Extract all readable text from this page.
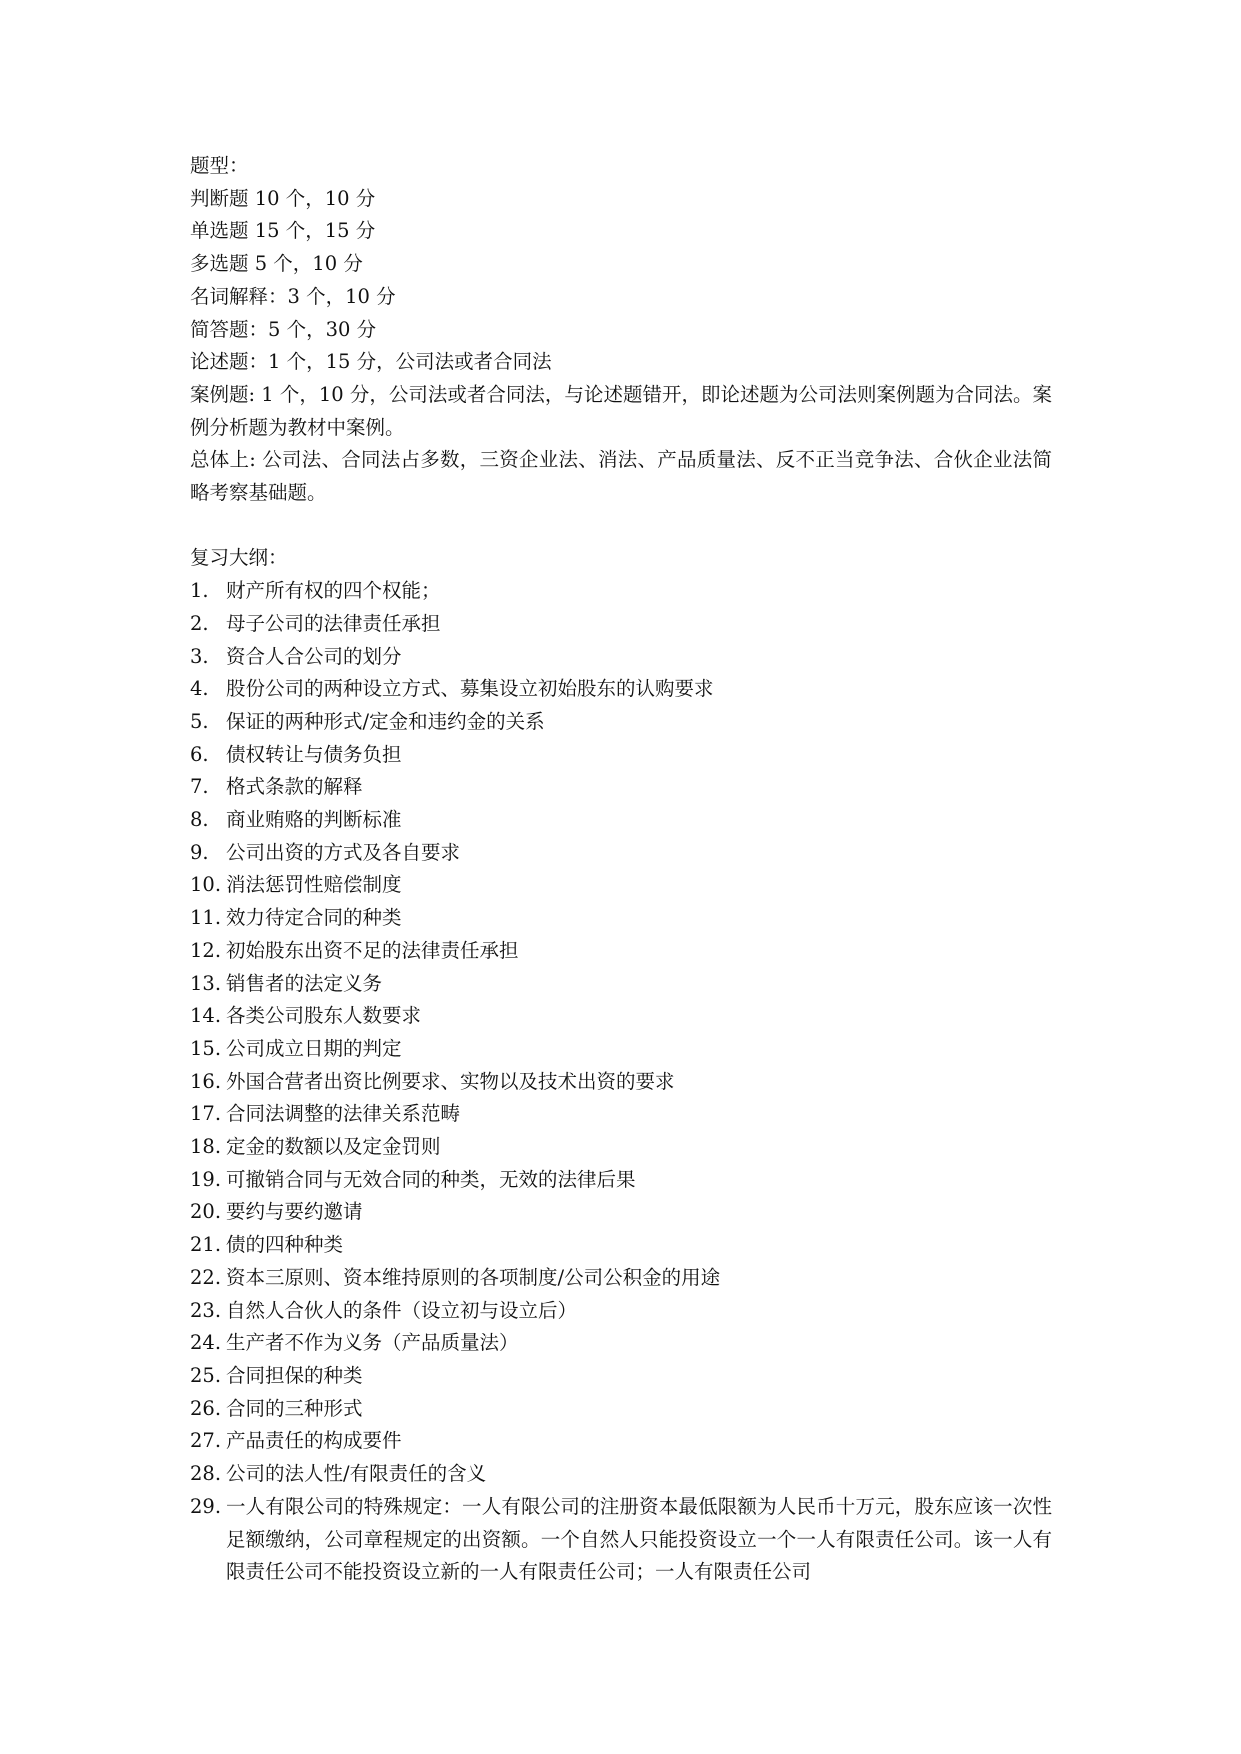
题型：
判断题 10 个，10 分
单选题 15 个，15 分
多选题 5 个，10 分
名词解释：3 个，10 分
简答题：5 个，30 分
论述题：1 个，15 分，公司法或者合同法
案例题: 1 个，10 分，公司法或者合同法，与论述题错开，即论述题为公司法则案例题为合同法。案例分析题为教材中案例。
总体上: 公司法、合同法占多数，三资企业法、消法、产品质量法、反不正当竞争法、合伙企业法简略考察基础题。
复习大纲：
1. 财产所有权的四个权能；
2. 母子公司的法律责任承担
3. 资合人合公司的划分
4. 股份公司的两种设立方式、募集设立初始股东的认购要求
5. 保证的两种形式/定金和违约金的关系
6. 债权转让与债务负担
7. 格式条款的解释
8. 商业贿赂的判断标准
9. 公司出资的方式及各自要求
10. 消法惩罚性赔偿制度
11. 效力待定合同的种类
12. 初始股东出资不足的法律责任承担
13. 销售者的法定义务
14. 各类公司股东人数要求
15. 公司成立日期的判定
16. 外国合营者出资比例要求、实物以及技术出资的要求
17. 合同法调整的法律关系范畴
18. 定金的数额以及定金罚则
19. 可撤销合同与无效合同的种类，无效的法律后果
20. 要约与要约邀请
21. 债的四种种类
22. 资本三原则、资本维持原则的各项制度/公司公积金的用途
23. 自然人合伙人的条件（设立初与设立后）
24. 生产者不作为义务（产品质量法）
25. 合同担保的种类
26. 合同的三种形式
27. 产品责任的构成要件
28. 公司的法人性/有限责任的含义
29. 一人有限公司的特殊规定：一人有限公司的注册资本最低限额为人民币十万元，股东应该一次性足额缴纳，公司章程规定的出资额。一个自然人只能投资设立一个一人有限责任公司。该一人有限责任公司不能投资设立新的一人有限责任公司；一人有限责任公司
